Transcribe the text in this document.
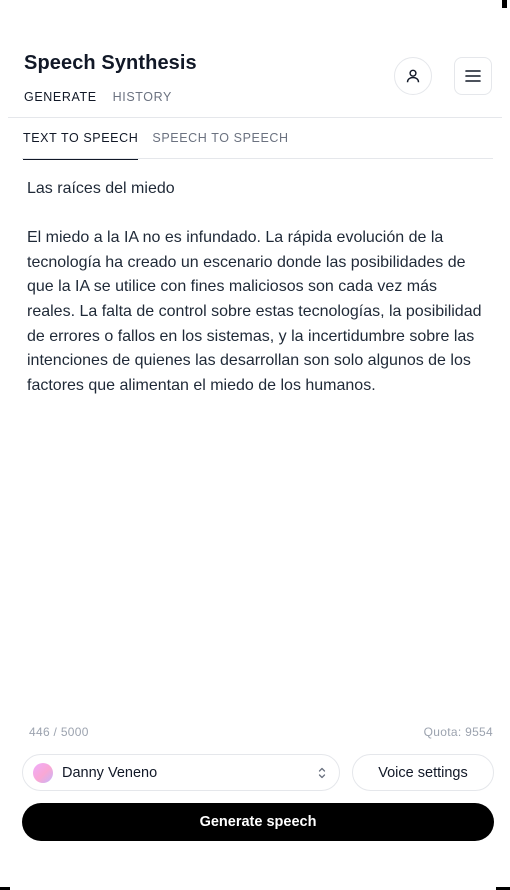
Speech Synthesis
GENERATE HISTORY
TEXT TO SPEECH SPEECH TO SPEECH

Las raíces del miedo

El miedo a la IA no es infundado. La rápida evolución de la tecnología ha creado un escenario donde las posibilidades de que la IA se utilice con fines maliciosos son cada vez más reales. La falta de control sobre estas tecnologías, la posibilidad de errores o fallos en los sistemas, y la incertidumbre sobre las intenciones de quienes las desarrollan son solo algunos de los factores que alimentan el miedo de los humanos.

446 / 5000	Quota: 9554
Danny Veneno	Voice settings
Generate speech
